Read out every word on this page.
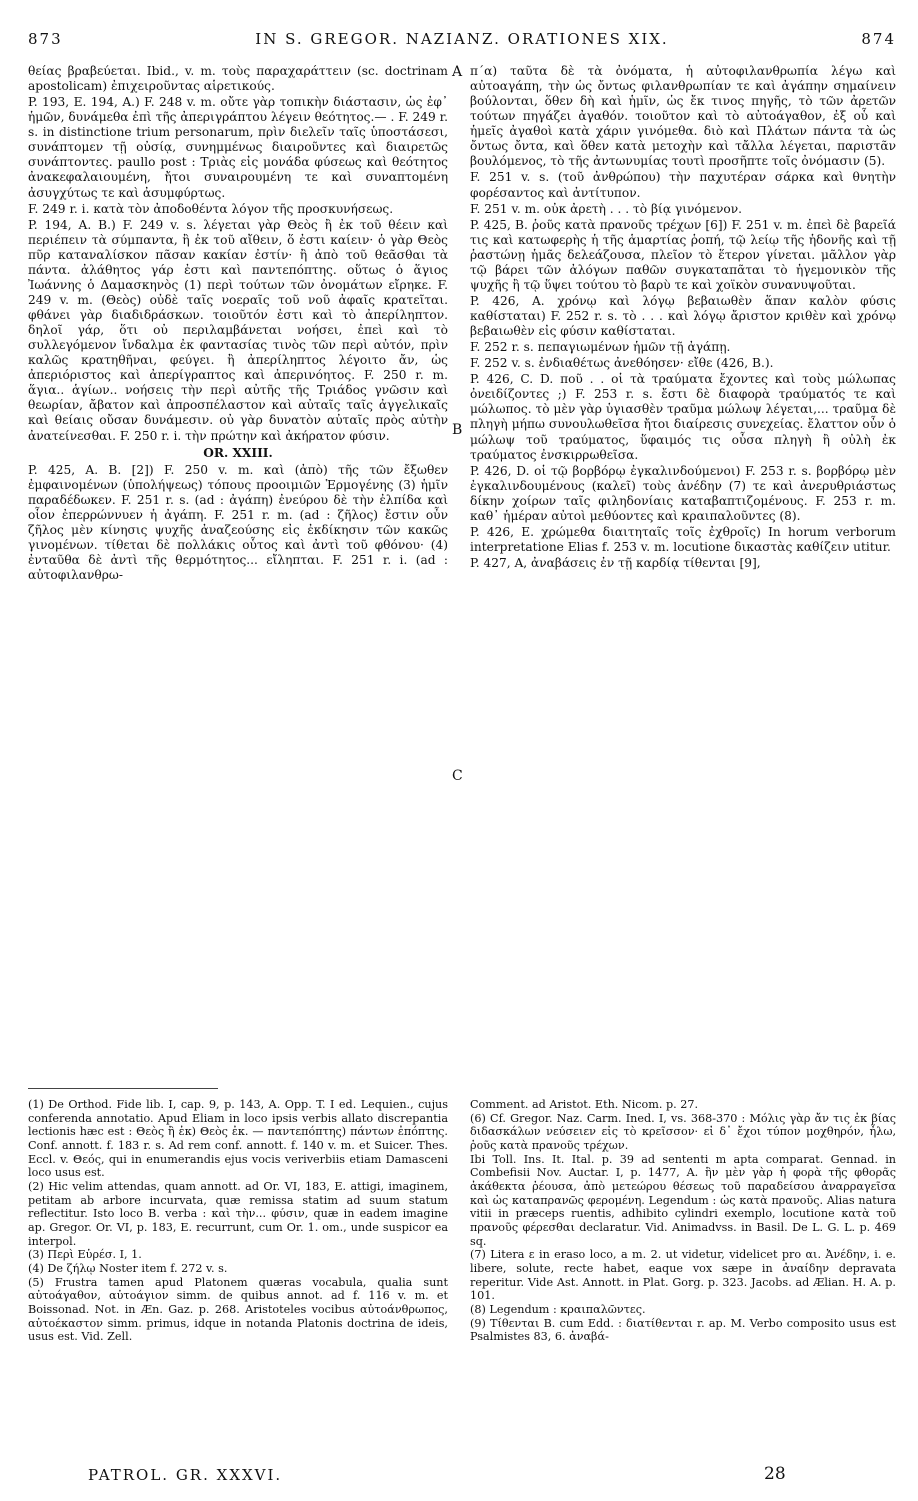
873	IN S. GREGOR. NAZIANZ. ORATIONES XIX.	874
A
B
C

θείας βραβεύεται. Ibid., v. m. τοὺς παραχαράττειν (sc. doctrinam apostolicam) ἐπιχειροῦντας αἱρετικούς.

P. 193, E. 194, A.) F. 248 v. m. οὔτε γὰρ τοπικὴν διάστασιν, ὡς ἐφ᾽ ἡμῶν, δυνάμεθα ἐπὶ τῆς ἀπεριγράπτου λέγειν θεότητος.— . F. 249 r. s. in distinctione trium personarum, πρὶν διελεῖν ταῖς ὑποστάσεσι, συνάπτομεν τῇ οὐσίᾳ, συνημμένως διαιροῦντες καὶ διαιρετῶς συνάπτοντες. paullo post : Τριὰς εἰς μονάδα φύσεως καὶ θεότητος ἀνακεφαλαιουμένη, ἤτοι συναιρουμένη τε καὶ συναπτομένη ἀσυγχύτως τε καὶ ἀσυμφύρτως.

F. 249 r. i. κατὰ τὸν ἀποδοθέντα λόγον τῆς προσκυνήσεως.

P. 194, A. B.) F. 249 v. s. λέγεται γὰρ Θεὸς ἢ ἐκ τοῦ θέειν καὶ περιέπειν τὰ σύμπαντα, ἢ ἐκ τοῦ αἴθειν, ὅ ἐστι καίειν· ὁ γὰρ Θεὸς πῦρ καταναλίσκον πᾶσαν κακίαν ἐστίν· ἢ ἀπὸ τοῦ θεᾶσθαι τὰ πάντα. ἀλάθητος γάρ ἐστι καὶ παντεπόπτης. οὕτως ὁ ἅγιος Ἰωάννης ὁ Δαμασκηνὸς (1) περὶ τούτων τῶν ὀνομάτων εἴρηκε. F. 249 v. m. (Θεὸς) οὐδὲ ταῖς νοεραῖς τοῦ νοῦ ἀφαῖς κρατεῖται. φθάνει γὰρ διαδιδράσκων. τοιοῦτόν ἐστι καὶ τὸ ἀπερίληπτον. δηλοῖ γάρ, ὅτι οὐ περιλαμβάνεται νοήσει, ἐπεὶ καὶ τὸ συλλεγόμενον ἴνδαλμα ἐκ φαντασίας τινὸς τῶν περὶ αὐτόν, πρὶν καλῶς κρατηθῆναι, φεύγει. ἢ ἀπερίληπτος λέγοιτο ἄν, ὡς ἀπεριόριστος καὶ ἀπερίγραπτος καὶ ἀπερινόητος. F. 250 r. m. ἅγια.. ἁγίων.. νοήσεις τὴν περὶ αὐτῆς τῆς Τριάδος γνῶσιν καὶ θεωρίαν, ἄβατον καὶ ἀπροσπέλαστον καὶ αὐταῖς ταῖς ἀγγελικαῖς καὶ θείαις οὔσαν δυνάμεσιν. οὐ γὰρ δυνατὸν αὐταῖς πρὸς αὐτὴν ἀνατείνεσθαι. F. 250 r. i. τὴν πρώτην καὶ ἀκήρατον φύσιν.

OR. XXIII.

P. 425, A. B. [2]) F. 250 v. m. καὶ (ἀπὸ) τῆς τῶν ἔξωθεν ἐμφαινομένων (ὑπολήψεως) τόπους προοιμιῶν Ἑρμογένης (3) ἡμῖν παραδέδωκεν. F. 251 r. s. (ad : ἀγάπη) ἐνεύρου δὲ τὴν ἐλπίδα καὶ οἷον ἐπερρώννυεν ἡ ἀγάπη. F. 251 r. m. (ad : ζῆλος) ἔστιν οὖν ζῆλος μὲν κίνησις ψυχῆς ἀναζεούσης εἰς ἐκδίκησιν τῶν κακῶς γινομένων. τίθεται δὲ πολλάκις οὗτος καὶ ἀντὶ τοῦ φθόνου· (4) ἐνταῦθα δὲ ἀντὶ τῆς θερμότητος... εἴληπται. F. 251 r. i. (ad : αὐτοφιλανθρω-

π΄α) ταῦτα δὲ τὰ ὀνόματα, ἡ αὐτοφιλανθρωπία λέγω καὶ αὐτοαγάπη, τὴν ὡς ὄντως φιλανθρωπίαν τε καὶ ἀγάπην σημαίνειν βούλονται, ὅθεν δὴ καὶ ἡμῖν, ὡς ἔκ τινος πηγῆς, τὸ τῶν ἀρετῶν τούτων πηγάζει ἀγαθόν. τοιοῦτον καὶ τὸ αὐτοάγαθον, ἐξ οὗ καὶ ἡμεῖς ἀγαθοὶ κατὰ χάριν γινόμεθα. διὸ καὶ Πλάτων πάντα τὰ ὡς ὄντως ὄντα, καὶ ὅθεν κατὰ μετοχὴν καὶ τἄλλα λέγεται, παριστᾶν βουλόμενος, τὸ τῆς ἀντωνυμίας τουτὶ προσῆπτε τοῖς ὀνόμασιν (5).

F. 251 v. s. (τοῦ ἀνθρώπου) τὴν παχυτέραν σάρκα καὶ θνητὴν φορέσαντος καὶ ἀντίτυπον.

F. 251 v. m. οὐκ ἀρετὴ . . . τὸ βίᾳ γινόμενον.

P. 425, B. ῥοῦς κατὰ πρανοῦς τρέχων [6]) F. 251 v. m. ἐπεὶ δὲ βαρεῖά τις καὶ κατωφερὴς ἡ τῆς ἁμαρτίας ῥοπή, τῷ λείῳ τῆς ἡδονῆς καὶ τῇ ῥαστώνῃ ἡμᾶς δελεάζουσα, πλεῖον τὸ ἕτερον γίνεται. μᾶλλον γὰρ τῷ βάρει τῶν ἀλόγων παθῶν συγκαταπᾶται τὸ ἡγεμονικὸν τῆς ψυχῆς ἢ τῷ ὕψει τούτου τὸ βαρὺ τε καὶ χοϊκὸν συνανυψοῦται.

P. 426, A. χρόνῳ καὶ λόγῳ βεβαιωθὲν ἅπαν καλὸν φύσις καθίσταται) F. 252 r. s. τὸ . . . καὶ λόγῳ ἄριστον κριθὲν καὶ χρόνῳ βεβαιωθὲν εἰς φύσιν καθίσταται.

F. 252 r. s. πεπαγιωμένων ἡμῶν τῇ ἀγάπῃ.

F. 252 v. s. ἐνδιαθέτως ἀνεθόησεν· εἴθε (426, B.).

P. 426, C. D. ποῦ . . οἱ τὰ τραύματα ἔχοντες καὶ τοὺς μώλωπας ὀνειδίζοντες ;) F. 253 r. s. ἔστι δὲ διαφορὰ τραύματός τε καὶ μώλωπος. τὸ μὲν γὰρ ὑγιασθὲν τραῦμα μώλωψ λέγεται,... τραῦμα δὲ πληγὴ μήπω συνουλωθεῖσα ἤτοι διαίρεσις συνεχείας. ἔλαττον οὖν ὁ μώλωψ τοῦ τραύματος, ὕφαιμός τις οὖσα πληγὴ ἢ οὐλὴ ἐκ τραύματος ἐνσκιρρωθεῖσα.

P. 426, D. οἱ τῷ βορβόρῳ ἐγκαλινδούμενοι) F. 253 r. s. βορβόρῳ μὲν ἐγκαλινδουμένους (καλεῖ) τοὺς ἀνέδην (7) τε καὶ ἀνερυθριάστως δίκην χοίρων ταῖς φιληδονίαις καταβαπτιζομένους. F. 253 r. m. καθ᾽ ἡμέραν αὐτοὶ μεθύοντες καὶ κραιπαλοῦντες (8).

P. 426, E. χρώμεθα διαιτηταῖς τοῖς ἐχθροῖς) In horum verborum interpretatione Elias f. 253 v. m. locutione δικαστὰς καθίζειν utitur.

P. 427, A, ἀναβάσεις ἐν τῇ καρδίᾳ τίθενται [9],

(1) De Orthod. Fide lib. I, cap. 9, p. 143, A. Opp. T. I ed. Lequien., cujus conferenda annotatio. Apud Eliam in loco ipsis verbis allato discrepantia lectionis hæc est : Θεὸς ἢ ἐκ) Θεὸς ἐκ. — παντεπόπτης) πάντων ἐπόπτης. Conf. annott. f. 183 r. s. Ad rem conf. annott. f. 140 v. m. et Suicer. Thes. Eccl. v. Θεός, qui in enumerandis ejus vocis veriverbiis etiam Damasceni loco usus est.

(2) Hic velim attendas, quam annott. ad Or. VI, 183, E. attigi, imaginem, petitam ab arbore incurvata, quæ remissa statim ad suum statum reflectitur. Isto loco B. verba : καὶ τὴν... φύσιν, quæ in eadem imagine ap. Gregor. Or. VI, p. 183, E. recurrunt, cum Or. 1. om., unde suspicor ea interpol.

(3) Περὶ Εὑρέσ. I, 1.

(4) De ζήλῳ Noster item f. 272 v. s.

(5) Frustra tamen apud Platonem quæras vocabula, qualia sunt αὐτοάγαθον, αὐτοάγιον simm. de quibus annot. ad f. 116 v. m. et Boissonad. Not. in Æn. Gaz. p. 268. Aristoteles vocibus αὐτοάνθρωπος, αὐτοέκαστον simm. primus, idque in notanda Platonis doctrina de ideis, usus est. Vid. Zell.

Comment. ad Aristot. Eth. Nicom. p. 27.

(6) Cf. Gregor. Naz. Carm. Ined. I, vs. 368-370 : Μόλις γὰρ ἄν τις ἐκ βίας διδασκάλων νεύσειεν εἰς τὸ κρεῖσσον· εἰ δ᾽ ἔχοι τύπον μοχθηρόν, ἦλω, ῥοῦς κατὰ πρανοῦς τρέχων.

Ibi Toll. Ins. It. Ital. p. 39 ad sententi m apta comparat. Gennad. in Combefisii Nov. Auctar. I, p. 1477, A. ἣν μὲν γὰρ ἡ φορὰ τῆς φθορᾶς ἀκάθεκτα ῥέουσα, ἀπὸ μετεώρου θέσεως τοῦ παραδείσου ἀναρραγεῖσα καὶ ὡς καταπρανῶς φερομένη. Legendum : ὡς κατὰ πρανοῦς. Alias natura vitii in præceps ruentis, adhibito cylindri exemplo, locutione κατὰ τοῦ πρανοῦς φέρεσθαι declaratur. Vid. Animadvss. in Basil. De L. G. L. p. 469 sq.

(7) Litera ε in eraso loco, a m. 2. ut videtur, videlicet pro αι. Ἀνέδην, i. e. libere, solute, recte habet, eaque vox sæpe in ἀναίδην depravata reperitur. Vide Ast. Annott. in Plat. Gorg. p. 323. Jacobs. ad Ælian. H. A. p. 101.

(8) Legendum : κραιπαλῶντες.

(9) Τίθενται B. cum Edd. : διατίθενται r. ap. M. Verbo composito usus est Psalmistes 83, 6. ἀναβά-

PATROL. GR. XXXVI.	28
